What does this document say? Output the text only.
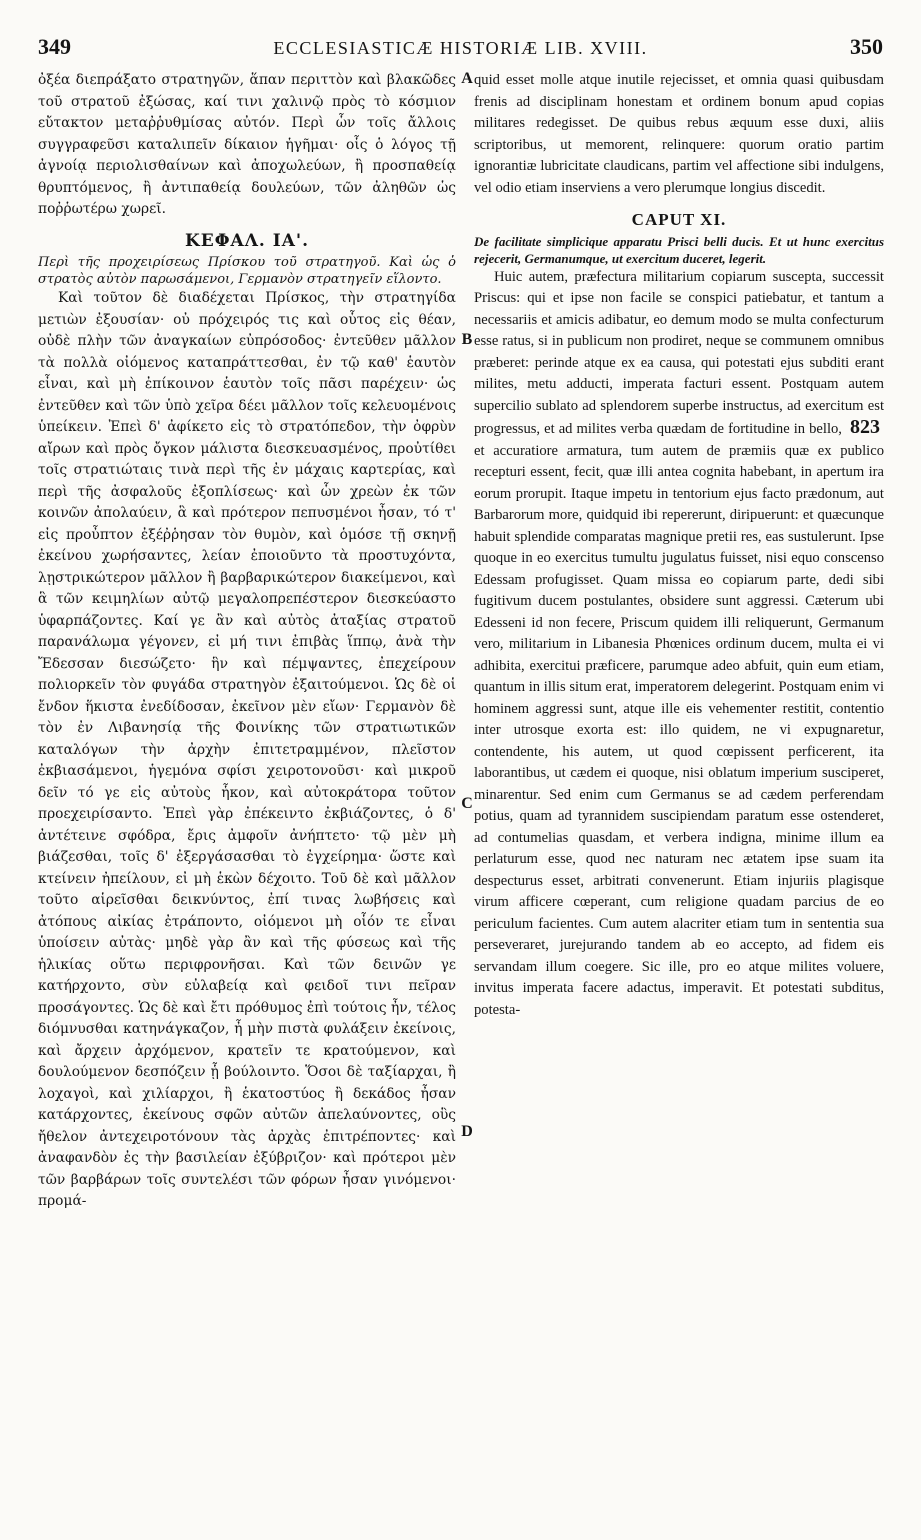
349	ECCLESIASTICÆ HISTORIÆ LIB. XVIII.	350
A
B
C
D

ὀξέα διεπράξατο στρατηγῶν, ἅπαν περιττὸν καὶ βλακῶδες τοῦ στρατοῦ ἐξώσας, καί τινι χαλινῷ πρὸς τὸ κόσμιον εὔτακτον μεταῤῥυθμίσας αὐτόν. Περὶ ὧν τοῖς ἄλλοις συγγραφεῦσι καταλιπεῖν δίκαιον ἡγῆμαι· οἷς ὁ λόγος τῇ ἀγνοίᾳ περιολισθαίνων καὶ ἀποχωλεύων, ἢ προσπαθείᾳ θρυπτόμενος, ἢ ἀντιπαθείᾳ δουλεύων, τῶν ἀληθῶν ὡς ποῤῥωτέρω χωρεῖ.

ΚΕΦΑΛ. ΙΑ'.

Περὶ τῆς προχειρίσεως Πρίσκου τοῦ στρατηγοῦ. Καὶ ὡς ὁ στρατὸς αὐτὸν παρωσάμενοι, Γερμανὸν στρατηγεῖν εἵλοντο.

Καὶ τοῦτον δὲ διαδέχεται Πρίσκος, τὴν στρατηγίδα μετιὼν ἐξουσίαν· οὐ πρόχειρός τις καὶ οὗτος εἰς θέαν, οὐδὲ πλὴν τῶν ἀναγκαίων εὐπρόσοδος· ἐντεῦθεν μᾶλλον τὰ πολλὰ οἰόμενος καταπράττεσθαι, ἐν τῷ καθ' ἑαυτὸν εἶναι, καὶ μὴ ἐπίκοινον ἑαυτὸν τοῖς πᾶσι παρέχειν· ὡς ἐντεῦθεν καὶ τῶν ὑπὸ χεῖρα δέει μᾶλλον τοῖς κελευομένοις ὑπείκειν. Ἐπεὶ δ' ἀφίκετο εἰς τὸ στρατόπεδον, τὴν ὀφρὺν αἴρων καὶ πρὸς ὄγκον μάλιστα διεσκευασμένος, προὐτίθει τοῖς στρατιώταις τινὰ περὶ τῆς ἐν μάχαις καρτερίας, καὶ περὶ τῆς ἀσφαλοῦς ἐξοπλίσεως· καὶ ὧν χρεὼν ἐκ τῶν κοινῶν ἀπολαύειν, ἃ καὶ πρότερον πεπυσμένοι ἦσαν, τό τ' εἰς προὖπτον ἐξέῤῥησαν τὸν θυμὸν, καὶ ὁμόσε τῇ σκηνῇ ἐκείνου χωρήσαντες, λείαν ἐποιοῦντο τὰ προστυχόντα, λῃστρικώτερον μᾶλλον ἢ βαρβαρικώτερον διακείμενοι, καὶ ἃ τῶν κειμηλίων αὐτῷ μεγαλοπρεπέστερον διεσκεύαστο ὑφαρπάζοντες. Καί γε ἂν καὶ αὐτὸς ἀταξίας στρατοῦ παρανάλωμα γέγονεν, εἰ μή τινι ἐπιβὰς ἵππῳ, ἀνὰ τὴν Ἔδεσσαν διεσώζετο· ἣν καὶ πέμψαντες, ἐπεχείρουν πολιορκεῖν τὸν φυγάδα στρατηγὸν ἐξαιτούμενοι. Ὡς δὲ οἱ ἔνδον ἥκιστα ἐνεδίδοσαν, ἐκεῖνον μὲν εἴων· Γερμανὸν δὲ τὸν ἐν Λιβανησίᾳ τῆς Φοινίκης τῶν στρατιωτικῶν καταλόγων τὴν ἀρχὴν ἐπιτετραμμένον, πλεῖστον ἐκβιασάμενοι, ἡγεμόνα σφίσι χειροτονοῦσι· καὶ μικροῦ δεῖν τό γε εἰς αὐτοὺς ἧκον, καὶ αὐτοκράτορα τοῦτον προεχειρίσαντο. Ἐπεὶ γὰρ ἐπέκειντο ἐκβιάζοντες, ὁ δ' ἀντέτεινε σφόδρα, ἔρις ἀμφοῖν ἀνήπτετο· τῷ μὲν μὴ βιάζεσθαι, τοῖς δ' ἐξεργάσασθαι τὸ ἐγχείρημα· ὥστε καὶ κτείνειν ἠπείλουν, εἰ μὴ ἑκὼν δέχοιτο. Τοῦ δὲ καὶ μᾶλλον τοῦτο αἱρεῖσθαι δεικνύντος, ἐπί τινας λωβήσεις καὶ ἀτόπους αἰκίας ἐτράποντο, οἰόμενοι μὴ οἷόν τε εἶναι ὑποίσειν αὐτὰς· μηδὲ γὰρ ἂν καὶ τῆς φύσεως καὶ τῆς ἡλικίας οὕτω περιφρονῆσαι. Καὶ τῶν δεινῶν γε κατήρχοντο, σὺν εὐλαβείᾳ καὶ φειδοῖ τινι πεῖραν προσάγοντες. Ὡς δὲ καὶ ἔτι πρόθυμος ἐπὶ τούτοις ἦν, τέλος διόμνυσθαι κατηνάγκαζον, ἦ μὴν πιστὰ φυλάξειν ἐκείνοις, καὶ ἄρχειν ἀρχόμενον, κρατεῖν τε κρατούμενον, καὶ δουλούμενον δεσπόζειν ᾗ βούλοιντο. Ὅσοι δὲ ταξίαρχαι, ἢ λοχαγοὶ, καὶ χιλίαρχοι, ἢ ἑκατοστύος ἢ δεκάδος ἦσαν κατάρχοντες, ἐκείνους σφῶν αὐτῶν ἀπελαύνοντες, οὓς ἤθελον ἀντεχειροτόνουν τὰς ἀρχὰς ἐπιτρέποντες· καὶ ἀναφανδὸν ἐς τὴν βασιλείαν ἐξύβριζον· καὶ πρότεροι μὲν τῶν βαρβάρων τοῖς συντελέσι τῶν φόρων ἦσαν γινόμενοι· προμά-

quid esset molle atque inutile rejecisset, et omnia quasi quibusdam frenis ad disciplinam honestam et ordinem bonum apud copias militares redegisset. De quibus rebus æquum esse duxi, aliis scriptoribus, ut memorent, relinquere: quorum oratio partim ignorantiæ lubricitate claudicans, partim vel affectione sibi indulgens, vel odio etiam inserviens a vero plerumque longius discedit.

CAPUT XI.

De facilitate simplicique apparatu Prisci belli ducis. Et ut hunc exercitus rejecerit, Germanumque, ut exercitum duceret, legerit.

Huic autem, præfectura militarium copiarum suscepta, successit Priscus: qui et ipse non facile se conspici patiebatur, et tantum a necessariis et amicis adibatur, eo demum modo se multa confecturum esse ratus, si in publicum non prodiret, neque se communem omnibus præberet: perinde atque ex ea causa, qui potestati ejus subditi erant milites, metu adducti, imperata facturi essent. Postquam autem supercilio sublato ad splendorem superbe instructus, ad exercitum est progressus, et ad milites verba quædam de fortitudine in bello, 823 et accuratiore armatura, tum autem de præmiis quæ ex publico recepturi essent, fecit, quæ illi antea cognita habebant, in apertum ira eorum prorupit. Itaque impetu in tentorium ejus facto prædonum, aut Barbarorum more, quidquid ibi repererunt, diripuerunt: et quæcunque habuit splendide comparatas magnique pretii res, eas sustulerunt. Ipse quoque in eo exercitus tumultu jugulatus fuisset, nisi equo conscenso Edessam profugisset. Quam missa eo copiarum parte, dedi sibi fugitivum ducem postulantes, obsidere sunt aggressi. Cæterum ubi Edesseni id non fecere, Priscum quidem illi reliquerunt, Germanum vero, militarium in Libanesia Phœnices ordinum ducem, multa ei vi adhibita, exercitui præficere, parumque adeo abfuit, quin eum etiam, quantum in illis situm erat, imperatorem delegerint. Postquam enim vi hominem aggressi sunt, atque ille eis vehementer restitit, contentio inter utrosque exorta est: illo quidem, ne vi expugnaretur, contendente, his autem, ut quod cœpissent perficerent, ita laborantibus, ut cædem ei quoque, nisi oblatum imperium susciperet, minarentur. Sed enim cum Germanus se ad cædem perferendam potius, quam ad tyrannidem suscipiendam paratum esse ostenderet, ad contumelias quasdam, et verbera indigna, minime illum ea perlaturum esse, quod nec naturam nec ætatem ipse suam ita despecturus esset, arbitrati convenerunt. Etiam injuriis plagisque virum afficere cœperant, cum religione quadam parcius de eo periculum facientes. Cum autem alacriter etiam tum in sententia sua perseveraret, jurejurando tandem ab eo accepto, ad fidem eis servandam illum coegere. Sic ille, pro eo atque milites voluere, invitus imperata facere adactus, imperavit. Et potestati subditus, potesta-
